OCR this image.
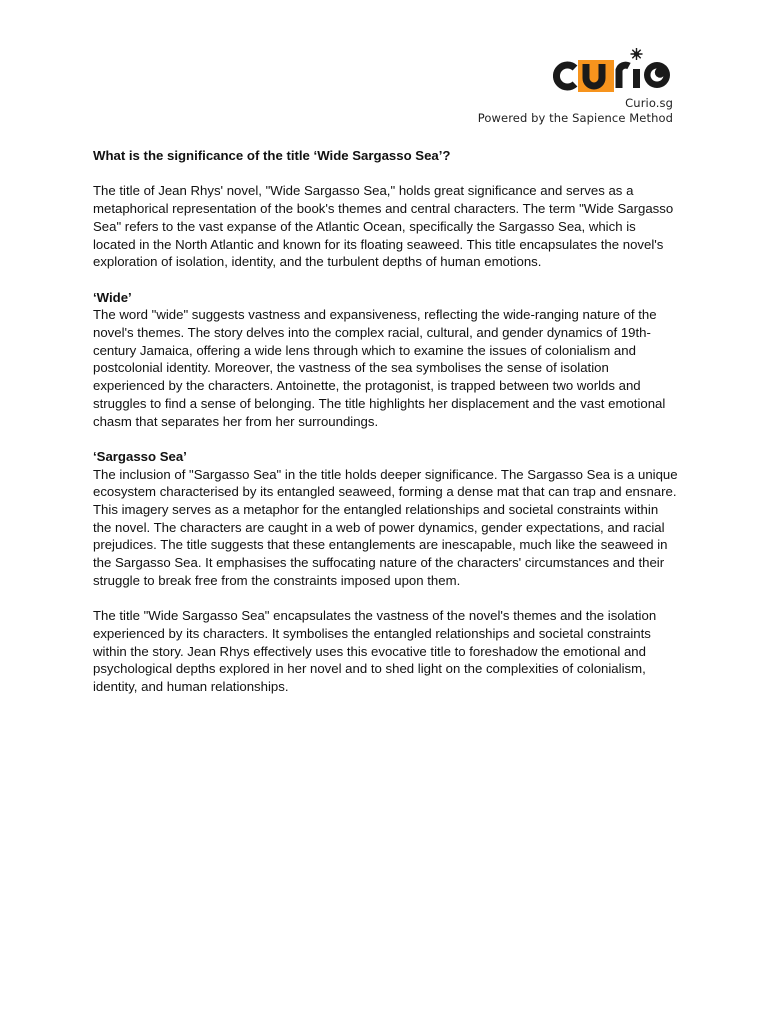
Curio.sg
Powered by the Sapience Method

What is the significance of the title ‘Wide Sargasso Sea’?

The title of Jean Rhys' novel, "Wide Sargasso Sea," holds great significance and serves as a metaphorical representation of the book's themes and central characters. The term "Wide Sargasso Sea" refers to the vast expanse of the Atlantic Ocean, specifically the Sargasso Sea, which is located in the North Atlantic and known for its floating seaweed. This title encapsulates the novel's exploration of isolation, identity, and the turbulent depths of human emotions.

‘Wide’
The word "wide" suggests vastness and expansiveness, reflecting the wide-ranging nature of the novel's themes. The story delves into the complex racial, cultural, and gender dynamics of 19th-century Jamaica, offering a wide lens through which to examine the issues of colonialism and postcolonial identity. Moreover, the vastness of the sea symbolises the sense of isolation experienced by the characters. Antoinette, the protagonist, is trapped between two worlds and struggles to find a sense of belonging. The title highlights her displacement and the vast emotional chasm that separates her from her surroundings.

‘Sargasso Sea’
The inclusion of "Sargasso Sea" in the title holds deeper significance. The Sargasso Sea is a unique ecosystem characterised by its entangled seaweed, forming a dense mat that can trap and ensnare. This imagery serves as a metaphor for the entangled relationships and societal constraints within the novel. The characters are caught in a web of power dynamics, gender expectations, and racial prejudices. The title suggests that these entanglements are inescapable, much like the seaweed in the Sargasso Sea. It emphasises the suffocating nature of the characters' circumstances and their struggle to break free from the constraints imposed upon them.

The title "Wide Sargasso Sea" encapsulates the vastness of the novel's themes and the isolation experienced by its characters. It symbolises the entangled relationships and societal constraints within the story. Jean Rhys effectively uses this evocative title to foreshadow the emotional and psychological depths explored in her novel and to shed light on the complexities of colonialism, identity, and human relationships.
